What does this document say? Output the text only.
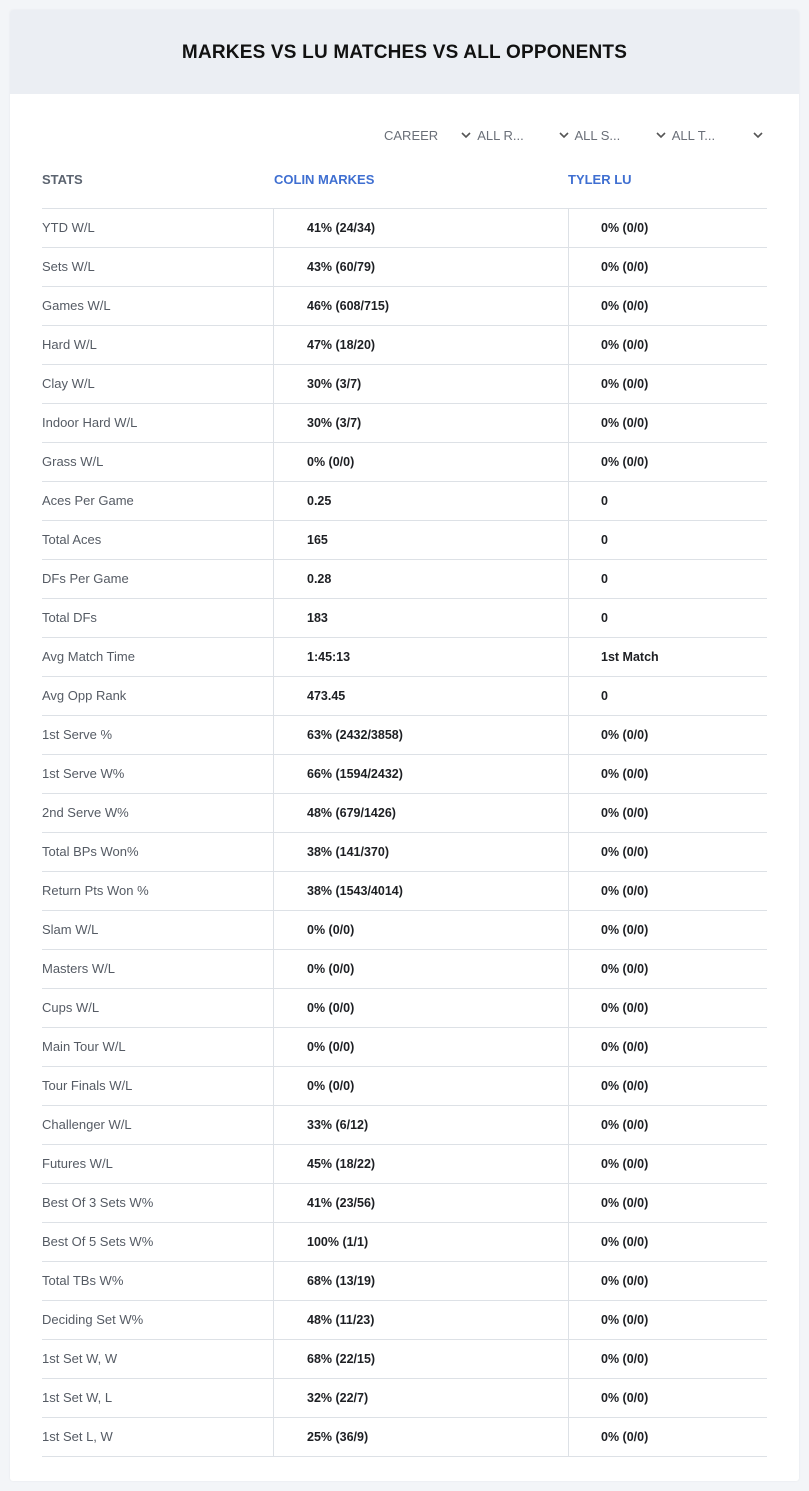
MARKES VS LU MATCHES VS ALL OPPONENTS
CAREER	ALL R...	ALL S...	ALL T...
STATS	COLIN MARKES	TYLER LU
YTD W/L	41% (24/34)	0% (0/0)
Sets W/L	43% (60/79)	0% (0/0)
Games W/L	46% (608/715)	0% (0/0)
Hard W/L	47% (18/20)	0% (0/0)
Clay W/L	30% (3/7)	0% (0/0)
Indoor Hard W/L	30% (3/7)	0% (0/0)
Grass W/L	0% (0/0)	0% (0/0)
Aces Per Game	0.25	0
Total Aces	165	0
DFs Per Game	0.28	0
Total DFs	183	0
Avg Match Time	1:45:13	1st Match
Avg Opp Rank	473.45	0
1st Serve %	63% (2432/3858)	0% (0/0)
1st Serve W%	66% (1594/2432)	0% (0/0)
2nd Serve W%	48% (679/1426)	0% (0/0)
Total BPs Won%	38% (141/370)	0% (0/0)
Return Pts Won %	38% (1543/4014)	0% (0/0)
Slam W/L	0% (0/0)	0% (0/0)
Masters W/L	0% (0/0)	0% (0/0)
Cups W/L	0% (0/0)	0% (0/0)
Main Tour W/L	0% (0/0)	0% (0/0)
Tour Finals W/L	0% (0/0)	0% (0/0)
Challenger W/L	33% (6/12)	0% (0/0)
Futures W/L	45% (18/22)	0% (0/0)
Best Of 3 Sets W%	41% (23/56)	0% (0/0)
Best Of 5 Sets W%	100% (1/1)	0% (0/0)
Total TBs W%	68% (13/19)	0% (0/0)
Deciding Set W%	48% (11/23)	0% (0/0)
1st Set W, W	68% (22/15)	0% (0/0)
1st Set W, L	32% (22/7)	0% (0/0)
1st Set L, W	25% (36/9)	0% (0/0)
